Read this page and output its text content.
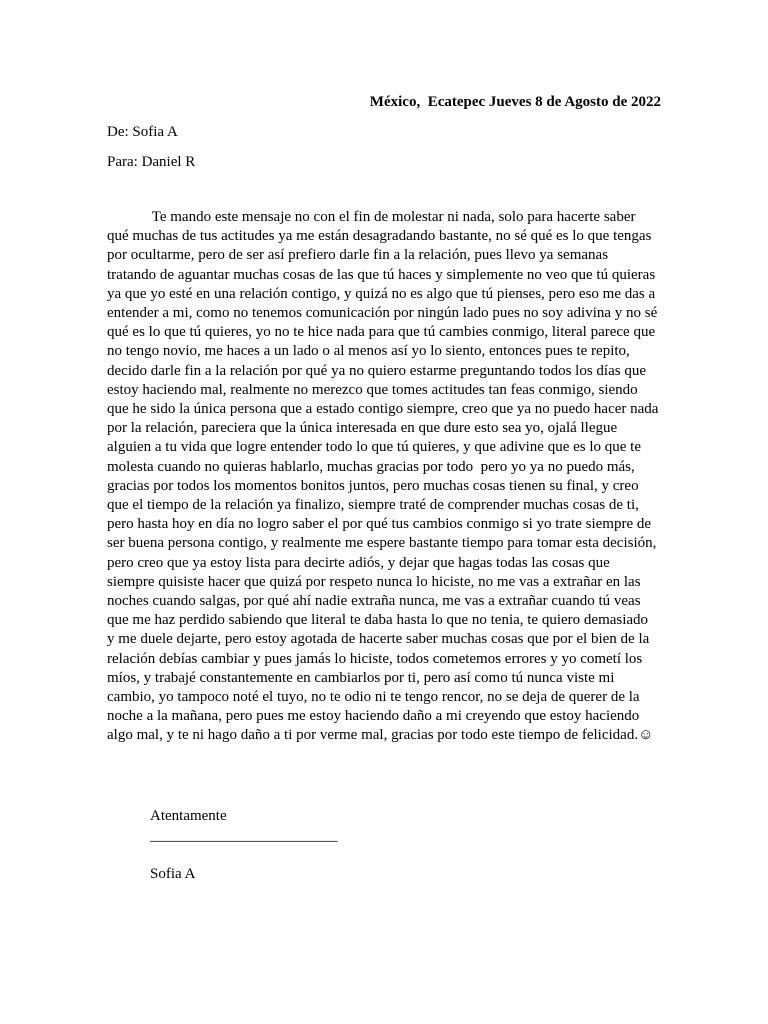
México,  Ecatepec Jueves 8 de Agosto de 2022
De: Sofia A
Para: Daniel R
Te mando este mensaje no con el fin de molestar ni nada, solo para hacerte saber
qué muchas de tus actitudes ya me están desagradando bastante, no sé qué es lo que tengas
por ocultarme, pero de ser así prefiero darle fin a la relación, pues llevo ya semanas
tratando de aguantar muchas cosas de las que tú haces y simplemente no veo que tú quieras
ya que yo esté en una relación contigo, y quizá no es algo que tú pienses, pero eso me das a
entender a mi, como no tenemos comunicación por ningún lado pues no soy adivina y no sé
qué es lo que tú quieres, yo no te hice nada para que tú cambies conmigo, literal parece que
no tengo novio, me haces a un lado o al menos así yo lo siento, entonces pues te repito,
decido darle fin a la relación por qué ya no quiero estarme preguntando todos los días que
estoy haciendo mal, realmente no merezco que tomes actitudes tan feas conmigo, siendo
que he sido la única persona que a estado contigo siempre, creo que ya no puedo hacer nada
por la relación, pareciera que la única interesada en que dure esto sea yo, ojalá llegue
alguien a tu vida que logre entender todo lo que tú quieres, y que adivine que es lo que te
molesta cuando no quieras hablarlo, muchas gracias por todo  pero yo ya no puedo más,
gracias por todos los momentos bonitos juntos, pero muchas cosas tienen su final, y creo
que el tiempo de la relación ya finalizo, siempre traté de comprender muchas cosas de ti,
pero hasta hoy en día no logro saber el por qué tus cambios conmigo si yo trate siempre de
ser buena persona contigo, y realmente me espere bastante tiempo para tomar esta decisión,
pero creo que ya estoy lista para decirte adiós, y dejar que hagas todas las cosas que
siempre quisiste hacer que quizá por respeto nunca lo hiciste, no me vas a extrañar en las
noches cuando salgas, por qué ahí nadie extraña nunca, me vas a extrañar cuando tú veas
que me haz perdido sabiendo que literal te daba hasta lo que no tenia, te quiero demasiado
y me duele dejarte, pero estoy agotada de hacerte saber muchas cosas que por el bien de la
relación debías cambiar y pues jamás lo hiciste, todos cometemos errores y yo cometí los
míos, y trabajé constantemente en cambiarlos por ti, pero así como tú nunca viste mi
cambio, yo tampoco noté el tuyo, no te odio ni te tengo rencor, no se deja de querer de la
noche a la mañana, pero pues me estoy haciendo daño a mi creyendo que estoy haciendo
algo mal, y te ni hago daño a ti por verme mal, gracias por todo este tiempo de felicidad.☺
Atentamente
_________________________
Sofia A
